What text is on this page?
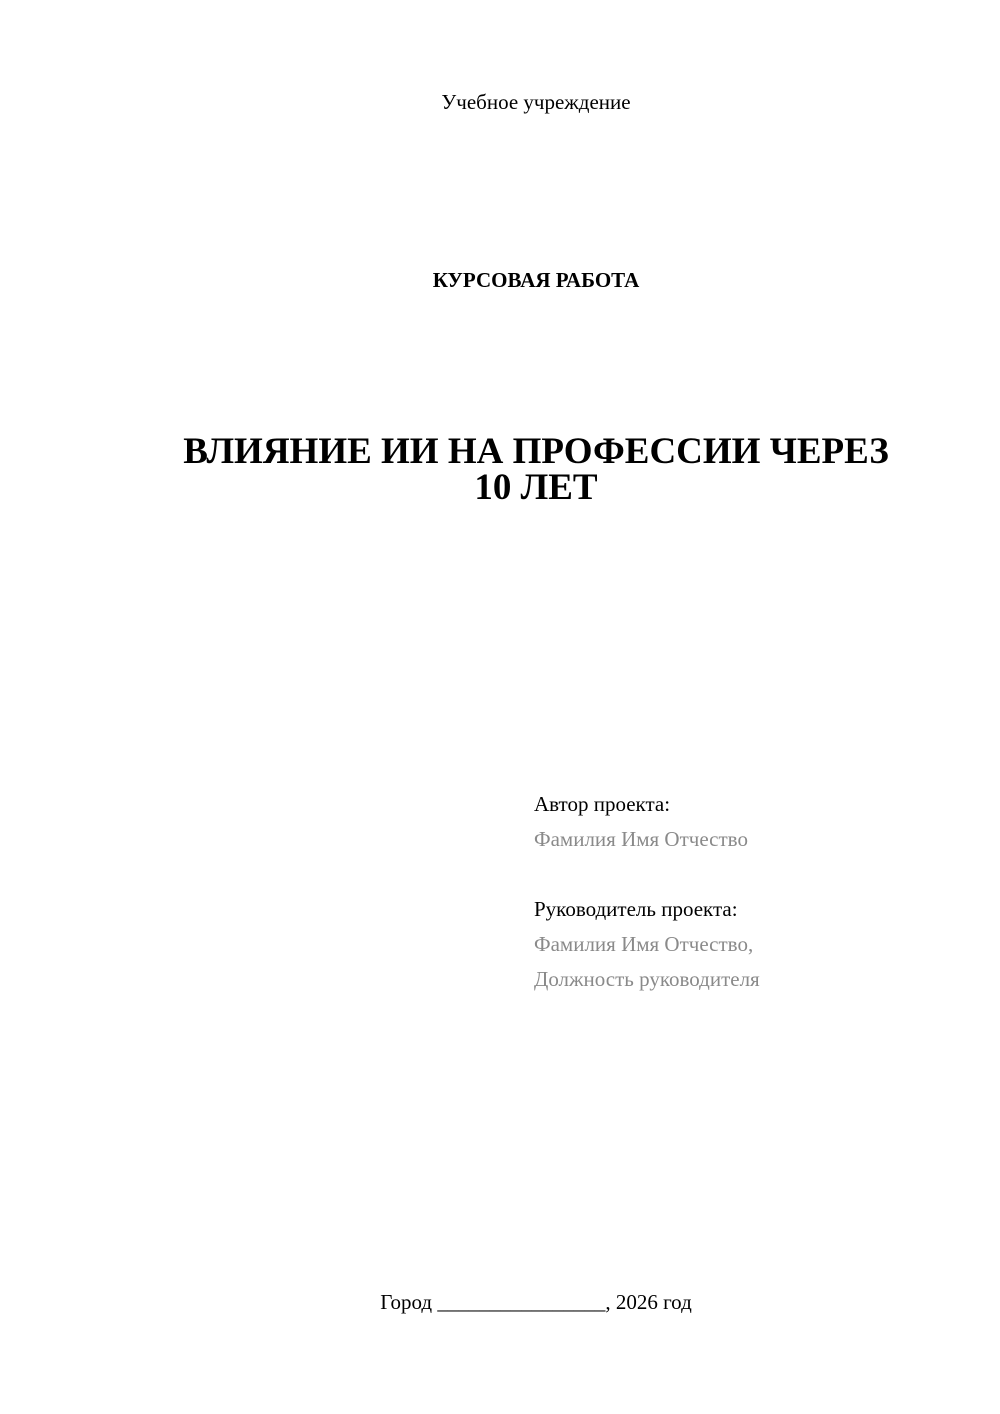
Учебное учреждение
КУРСОВАЯ РАБОТА
ВЛИЯНИЕ ИИ НА ПРОФЕССИИ ЧЕРЕЗ
10 ЛЕТ
Автор проекта:
Фамилия Имя Отчество
Руководитель проекта:
Фамилия Имя Отчество,
Должность руководителя
Город ________________, 2026 год
